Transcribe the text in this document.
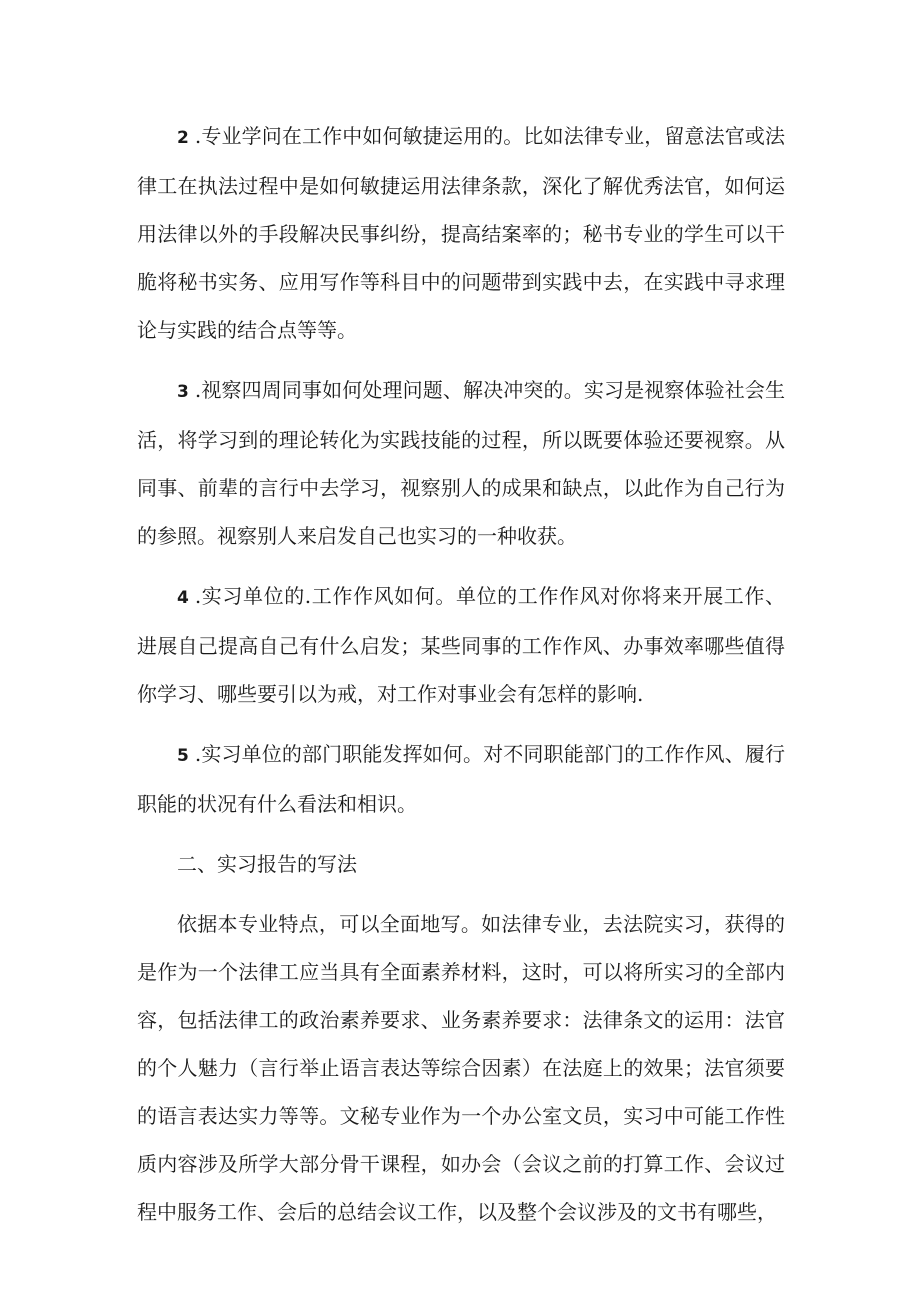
2 .专业学问在工作中如何敏捷运用的。比如法律专业，留意法官或法律工在执法过程中是如何敏捷运用法律条款，深化了解优秀法官，如何运用法律以外的手段解决民事纠纷，提高结案率的；秘书专业的学生可以干脆将秘书实务、应用写作等科目中的问题带到实践中去，在实践中寻求理论与实践的结合点等等。

3 .视察四周同事如何处理问题、解决冲突的。实习是视察体验社会生活，将学习到的理论转化为实践技能的过程，所以既要体验还要视察。从同事、前辈的言行中去学习，视察别人的成果和缺点，以此作为自己行为的参照。视察别人来启发自己也实习的一种收获。

4 .实习单位的.工作作风如何。单位的工作作风对你将来开展工作、进展自己提高自己有什么启发；某些同事的工作作风、办事效率哪些值得你学习、哪些要引以为戒，对工作对事业会有怎样的影响.

5 .实习单位的部门职能发挥如何。对不同职能部门的工作作风、履行职能的状况有什么看法和相识。

二、实习报告的写法

依据本专业特点，可以全面地写。如法律专业，去法院实习，获得的是作为一个法律工应当具有全面素养材料，这时，可以将所实习的全部内容，包括法律工的政治素养要求、业务素养要求：法律条文的运用：法官的个人魅力（言行举止语言表达等综合因素）在法庭上的效果；法官须要的语言表达实力等等。文秘专业作为一个办公室文员，实习中可能工作性质内容涉及所学大部分骨干课程，如办会（会议之前的打算工作、会议过程中服务工作、会后的总结会议工作，以及整个会议涉及的文书有哪些，
